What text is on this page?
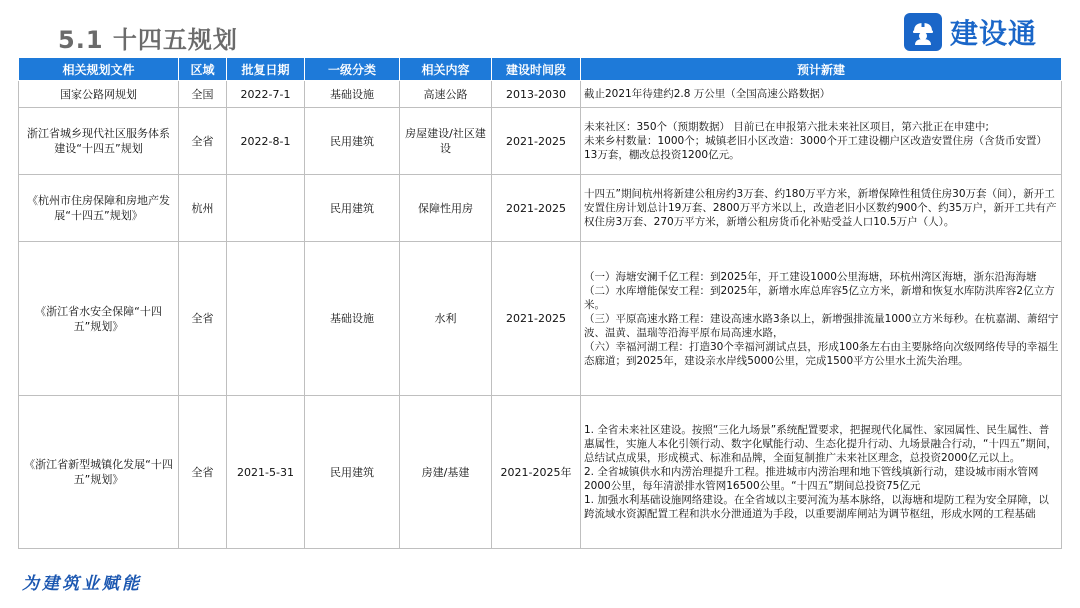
5.1 十四五规划	建设通
相关规划文件	区域	批复日期	一级分类	相关内容	建设时间段	预计新建
国家公路网规划	全国	2022-7-1	基础设施	高速公路	2013-2030	截止2021年待建约2.8 万公里（全国高速公路数据）

浙江省城乡现代社区服务体系建设“十四五”规划	全省	2022-8-1	民用建筑	房屋建设/社区建设	2021-2025	未来社区：350个（预期数据） 目前已在申报第六批未来社区项目，第六批正在申建中;
未来乡村数量：1000个；城镇老旧小区改造：3000个开工建设棚户区改造安置住房（含货币安置）13万套，棚改总投资1200亿元。

《杭州市住房保障和房地产发展“十四五”规划》	杭州		民用建筑	保障性用房	2021-2025	十四五”期间杭州将新建公租房约3万套、约180万平方米，新增保障性租赁住房30万套（间），新开工安置住房计划总计19万套、2800万平方米以上，改造老旧小区数约900个、约35万户，新开工共有产权住房3万套、270万平方米，新增公租房货币化补贴受益人口10.5万户（人）。

《浙江省水安全保障“十四五”规划》	全省		基础设施	水利	2021-2025	（一）海塘安澜千亿工程：到2025年，开工建设1000公里海塘，环杭州湾区海塘，浙东沿海海塘
（二）水库增能保安工程：到2025年，新增水库总库容5亿立方米，新增和恢复水库防洪库容2亿立方米。
（三）平原高速水路工程：建设高速水路3条以上，新增强排流量1000立方米每秒。在杭嘉湖、萧绍宁波、温黄、温瑞等沿海平原布局高速水路，
（六）幸福河湖工程：打造30个幸福河湖试点县，形成100条左右由主要脉络向次级网络传导的幸福生态廊道；到2025年，建设亲水岸线5000公里，完成1500平方公里水土流失治理。

《浙江省新型城镇化发展“十四五”规划》	全省	2021-5-31	民用建筑	房建/基建	2021-2025年	1. 全省未来社区建设。按照“三化九场景”系统配置要求，把握现代化属性、家园属性、民生属性、普惠属性，实施人本化引领行动、数字化赋能行动、生态化提升行动、九场景融合行动，“十四五”期间，总结试点成果，形成模式、标准和品牌，全面复制推广未来社区理念，总投资2000亿元以上。
2. 全省城镇供水和内涝治理提升工程。推进城市内涝治理和地下管线填新行动，建设城市雨水管网2000公里，每年清淤排水管网16500公里。“十四五”期间总投资75亿元
1. 加强水利基础设施网络建设。在全省域以主要河流为基本脉络，以海塘和堤防工程为安全屏障，以跨流域水资源配置工程和洪水分泄通道为手段，以重要湖库闸站为调节枢纽，形成水网的工程基础
为建筑业赋能
